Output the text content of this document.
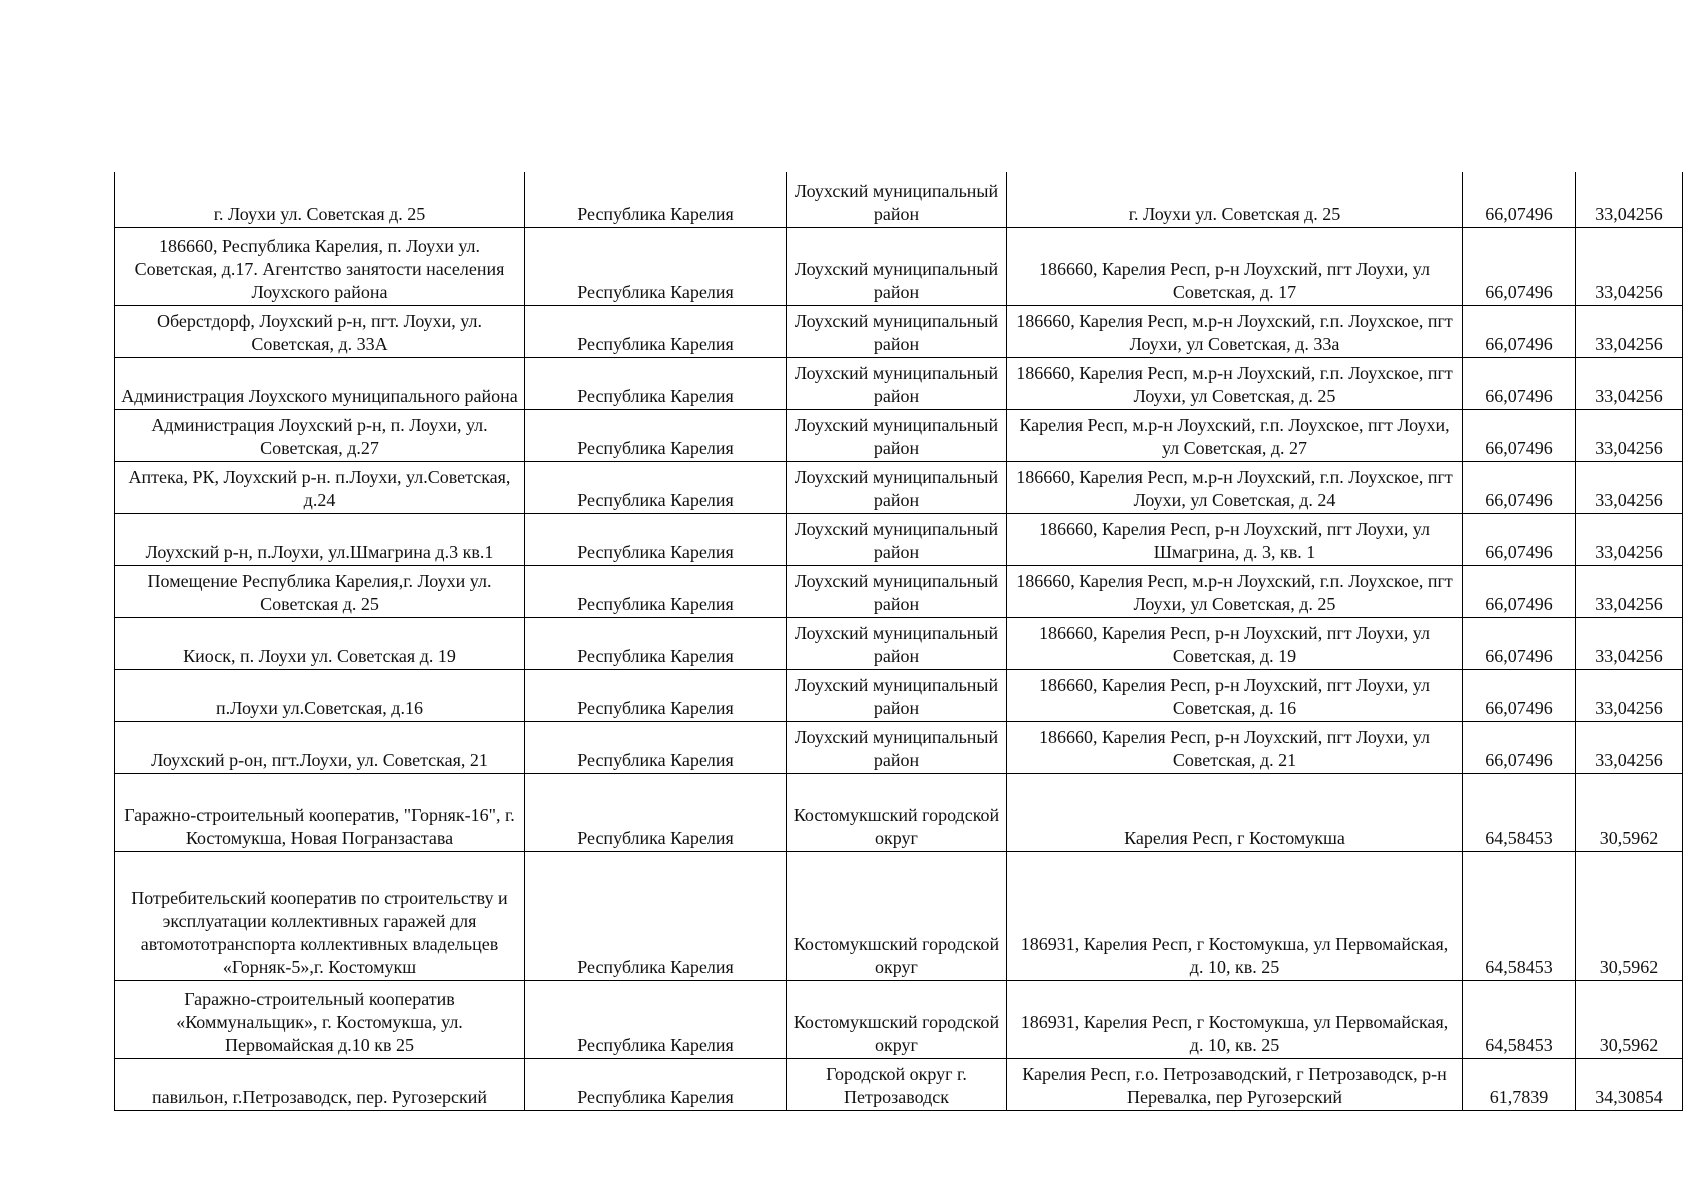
г. Лоухи ул. Советская д. 25	Республика Карелия	Лоухский муниципальный район	г. Лоухи ул. Советская д. 25	66,07496	33,04256
186660, Республика Карелия, п. Лоухи ул. Советская, д.17. Агентство занятости населения Лоухского района	Республика Карелия	Лоухский муниципальный район	186660, Карелия Респ, р-н Лоухский, пгт Лоухи, ул Советская, д. 17	66,07496	33,04256
Оберстдорф, Лоухский р-н, пгт. Лоухи, ул. Советская, д. 33А	Республика Карелия	Лоухский муниципальный район	186660, Карелия Респ, м.р-н Лоухский, г.п. Лоухское, пгт Лоухи, ул Советская, д. 33а	66,07496	33,04256
Администрация Лоухского муниципального района	Республика Карелия	Лоухский муниципальный район	186660, Карелия Респ, м.р-н Лоухский, г.п. Лоухское, пгт Лоухи, ул Советская, д. 25	66,07496	33,04256
Администрация Лоухский р-н, п. Лоухи, ул. Советская, д.27	Республика Карелия	Лоухский муниципальный район	Карелия Респ, м.р-н Лоухский, г.п. Лоухское, пгт Лоухи, ул Советская, д. 27	66,07496	33,04256
Аптека, РК, Лоухский р-н. п.Лоухи, ул.Советская, д.24	Республика Карелия	Лоухский муниципальный район	186660, Карелия Респ, м.р-н Лоухский, г.п. Лоухское, пгт Лоухи, ул Советская, д. 24	66,07496	33,04256
Лоухский р-н, п.Лоухи, ул.Шмагрина д.3 кв.1	Республика Карелия	Лоухский муниципальный район	186660, Карелия Респ, р-н Лоухский, пгт Лоухи, ул Шмагрина, д. 3, кв. 1	66,07496	33,04256
Помещение Республика Карелия,г. Лоухи ул. Советская д. 25	Республика Карелия	Лоухский муниципальный район	186660, Карелия Респ, м.р-н Лоухский, г.п. Лоухское, пгт Лоухи, ул Советская, д. 25	66,07496	33,04256
Киоск, п. Лоухи ул. Советская д. 19	Республика Карелия	Лоухский муниципальный район	186660, Карелия Респ, р-н Лоухский, пгт Лоухи, ул Советская, д. 19	66,07496	33,04256
п.Лоухи ул.Советская, д.16	Республика Карелия	Лоухский муниципальный район	186660, Карелия Респ, р-н Лоухский, пгт Лоухи, ул Советская, д. 16	66,07496	33,04256
Лоухский р-он, пгт.Лоухи, ул. Советская, 21	Республика Карелия	Лоухский муниципальный район	186660, Карелия Респ, р-н Лоухский, пгт Лоухи, ул Советская, д. 21	66,07496	33,04256
Гаражно-строительный кооператив, "Горняк-16", г. Костомукша, Новая Погранзастава	Республика Карелия	Костомукшский городской округ	Карелия Респ, г Костомукша	64,58453	30,5962
Потребительский кооператив по строительству и эксплуатации коллективных гаражей для автомототранспорта коллективных владельцев «Горняк-5»,г. Костомукш	Республика Карелия	Костомукшский городской округ	186931, Карелия Респ, г Костомукша, ул Первомайская, д. 10, кв. 25	64,58453	30,5962
Гаражно-строительный кооператив «Коммунальщик», г. Костомукша, ул. Первомайская д.10 кв 25	Республика Карелия	Костомукшский городской округ	186931, Карелия Респ, г Костомукша, ул Первомайская, д. 10, кв. 25	64,58453	30,5962
павильон, г.Петрозаводск, пер. Ругозерский	Республика Карелия	Городской округ г. Петрозаводск	Карелия Респ, г.о. Петрозаводский, г Петрозаводск, р-н Перевалка, пер Ругозерский	61,7839	34,30854
